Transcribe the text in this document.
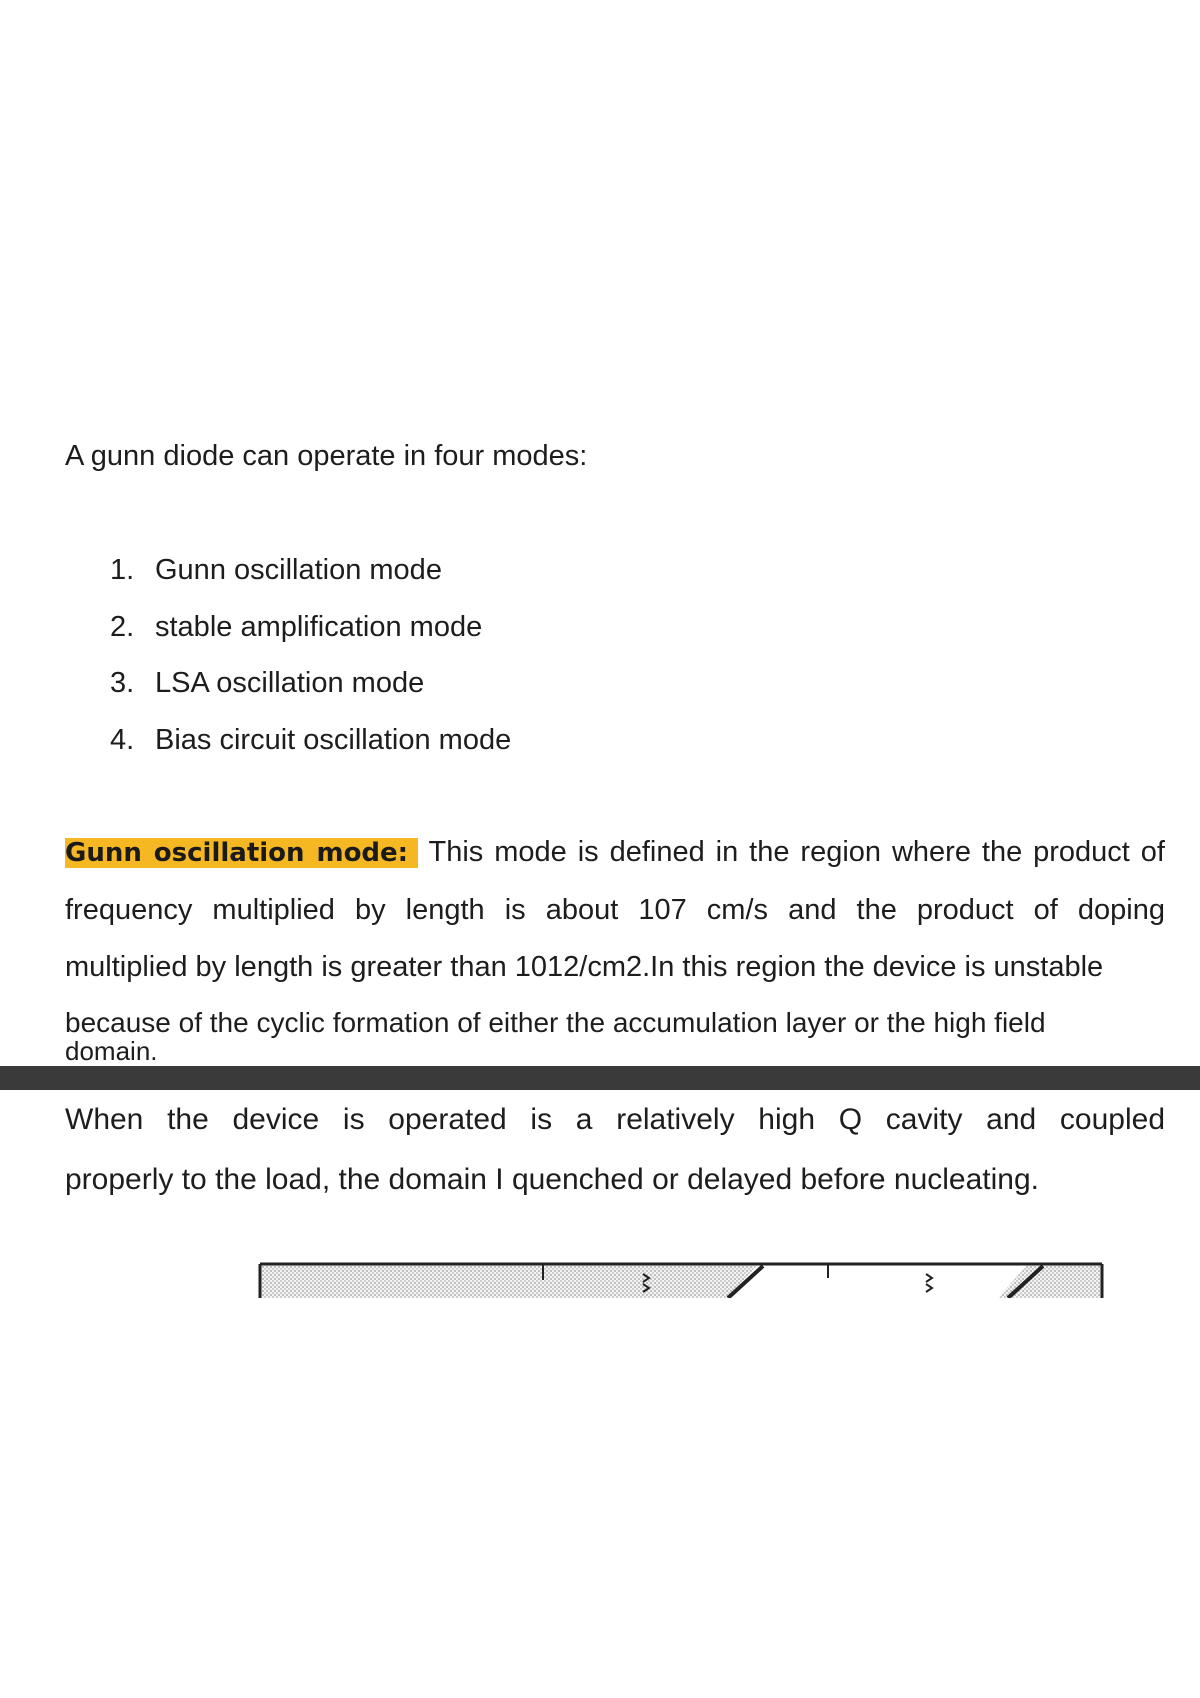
A gunn diode can operate in four modes:

1. Gunn oscillation mode
2. stable amplification mode
3. LSA oscillation mode
4. Bias circuit oscillation mode
Gunn oscillation mode: This mode is defined in the region where the product of
frequency multiplied by length is about 107 cm/s and the product of doping
multiplied by length is greater than 1012/cm2.In this region the device is unstable

because of the cyclic formation of either the accumulation layer or the high field

domain.

When the device is operated is a relatively high Q cavity and coupled
properly to the load, the domain I quenched or delayed before nucleating.
